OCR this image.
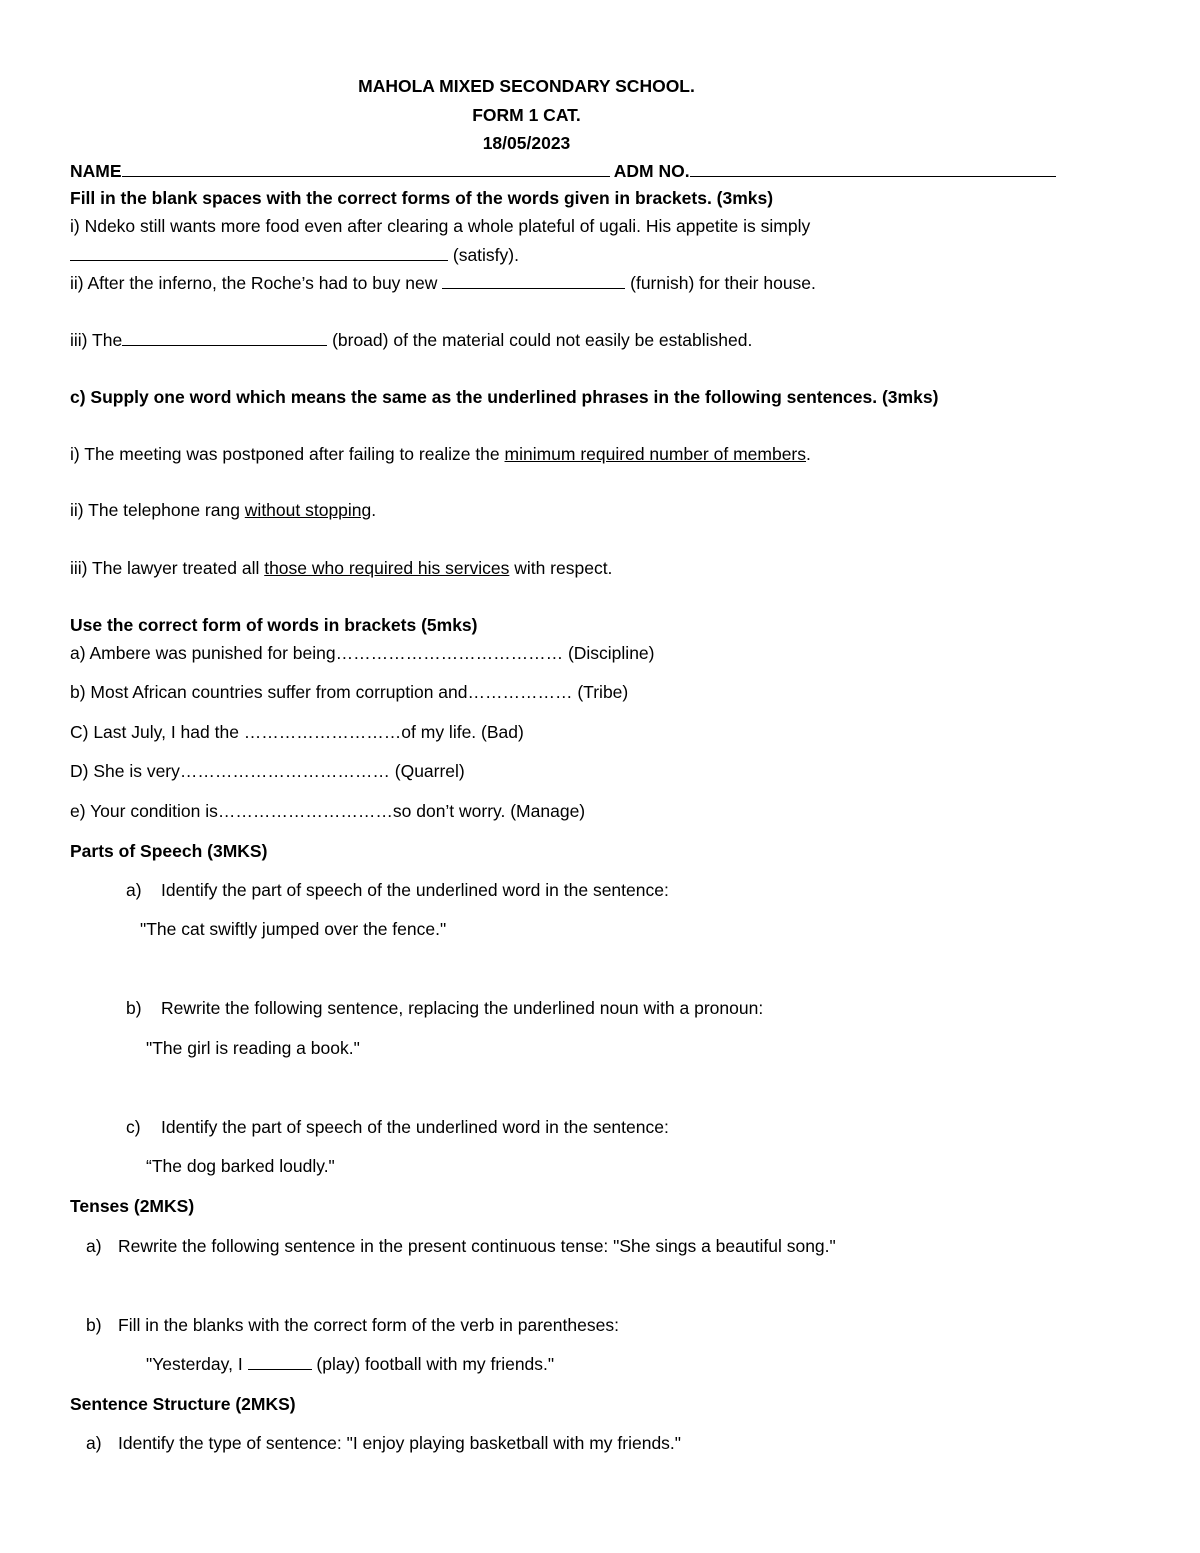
MAHOLA MIXED SECONDARY SCHOOL.
FORM 1 CAT.
18/05/2023
NAME	ADM NO.
Fill in the blank spaces with the correct forms of the words given in brackets. (3mks)
i) Ndeko still wants more food even after clearing a whole plateful of ugali. His appetite is simply
(satisfy).
ii) After the inferno, the Roche’s had to buy new	(furnish) for their house.
iii) The	(broad) of the material could not easily be established.
c) Supply one word which means the same as the underlined phrases in the following sentences. (3mks)
i) The meeting was postponed after failing to realize the minimum required number of members.
ii) The telephone rang without stopping.
iii) The lawyer treated all those who required his services with respect.
Use the correct form of words in brackets (5mks)
a) Ambere was punished for being………………………………… (Discipline)
b) Most African countries suffer from corruption and……………… (Tribe)
C) Last July, I had the ………………………of my life. (Bad)
D) She is very……………………………… (Quarrel)
e) Your condition is…………………………so don’t worry. (Manage)
Parts of Speech (3MKS)
a) Identify the part of speech of the underlined word in the sentence:
"The cat swiftly jumped over the fence."
b) Rewrite the following sentence, replacing the underlined noun with a pronoun:
"The girl is reading a book."
c) Identify the part of speech of the underlined word in the sentence:
“The dog barked loudly."
Tenses (2MKS)
a) Rewrite the following sentence in the present continuous tense: "She sings a beautiful song."
b) Fill in the blanks with the correct form of the verb in parentheses:
"Yesterday, I	(play) football with my friends."
Sentence Structure (2MKS)
a) Identify the type of sentence: "I enjoy playing basketball with my friends."
